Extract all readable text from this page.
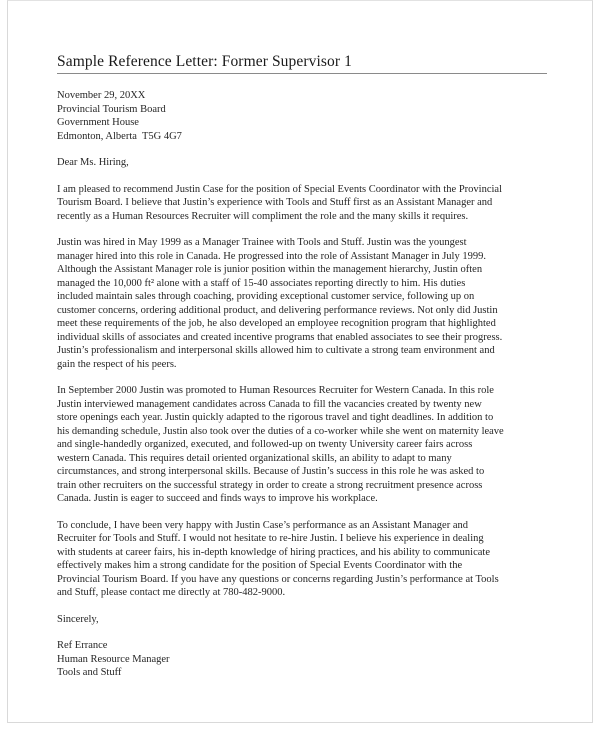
Sample Reference Letter: Former Supervisor 1
November 29, 20XX
Provincial Tourism Board
Government House
Edmonton, Alberta  T5G 4G7
Dear Ms. Hiring,
I am pleased to recommend Justin Case for the position of Special Events Coordinator with the Provincial
Tourism Board. I believe that Justin’s experience with Tools and Stuff first as an Assistant Manager and
recently as a Human Resources Recruiter will compliment the role and the many skills it requires.
Justin was hired in May 1999 as a Manager Trainee with Tools and Stuff. Justin was the youngest
manager hired into this role in Canada. He progressed into the role of Assistant Manager in July 1999.
Although the Assistant Manager role is junior position within the management hierarchy, Justin often
managed the 10,000 ft² alone with a staff of 15-40 associates reporting directly to him. His duties
included maintain sales through coaching, providing exceptional customer service, following up on
customer concerns, ordering additional product, and delivering performance reviews. Not only did Justin
meet these requirements of the job, he also developed an employee recognition program that highlighted
individual skills of associates and created incentive programs that enabled associates to see their progress.
Justin’s professionalism and interpersonal skills allowed him to cultivate a strong team environment and
gain the respect of his peers.
In September 2000 Justin was promoted to Human Resources Recruiter for Western Canada. In this role
Justin interviewed management candidates across Canada to fill the vacancies created by twenty new
store openings each year. Justin quickly adapted to the rigorous travel and tight deadlines. In addition to
his demanding schedule, Justin also took over the duties of a co-worker while she went on maternity leave
and single-handedly organized, executed, and followed-up on twenty University career fairs across
western Canada. This requires detail oriented organizational skills, an ability to adapt to many
circumstances, and strong interpersonal skills. Because of Justin’s success in this role he was asked to
train other recruiters on the successful strategy in order to create a strong recruitment presence across
Canada. Justin is eager to succeed and finds ways to improve his workplace.
To conclude, I have been very happy with Justin Case’s performance as an Assistant Manager and
Recruiter for Tools and Stuff. I would not hesitate to re-hire Justin. I believe his experience in dealing
with students at career fairs, his in-depth knowledge of hiring practices, and his ability to communicate
effectively makes him a strong candidate for the position of Special Events Coordinator with the
Provincial Tourism Board. If you have any questions or concerns regarding Justin’s performance at Tools
and Stuff, please contact me directly at 780-482-9000.
Sincerely,
Ref Errance
Human Resource Manager
Tools and Stuff
